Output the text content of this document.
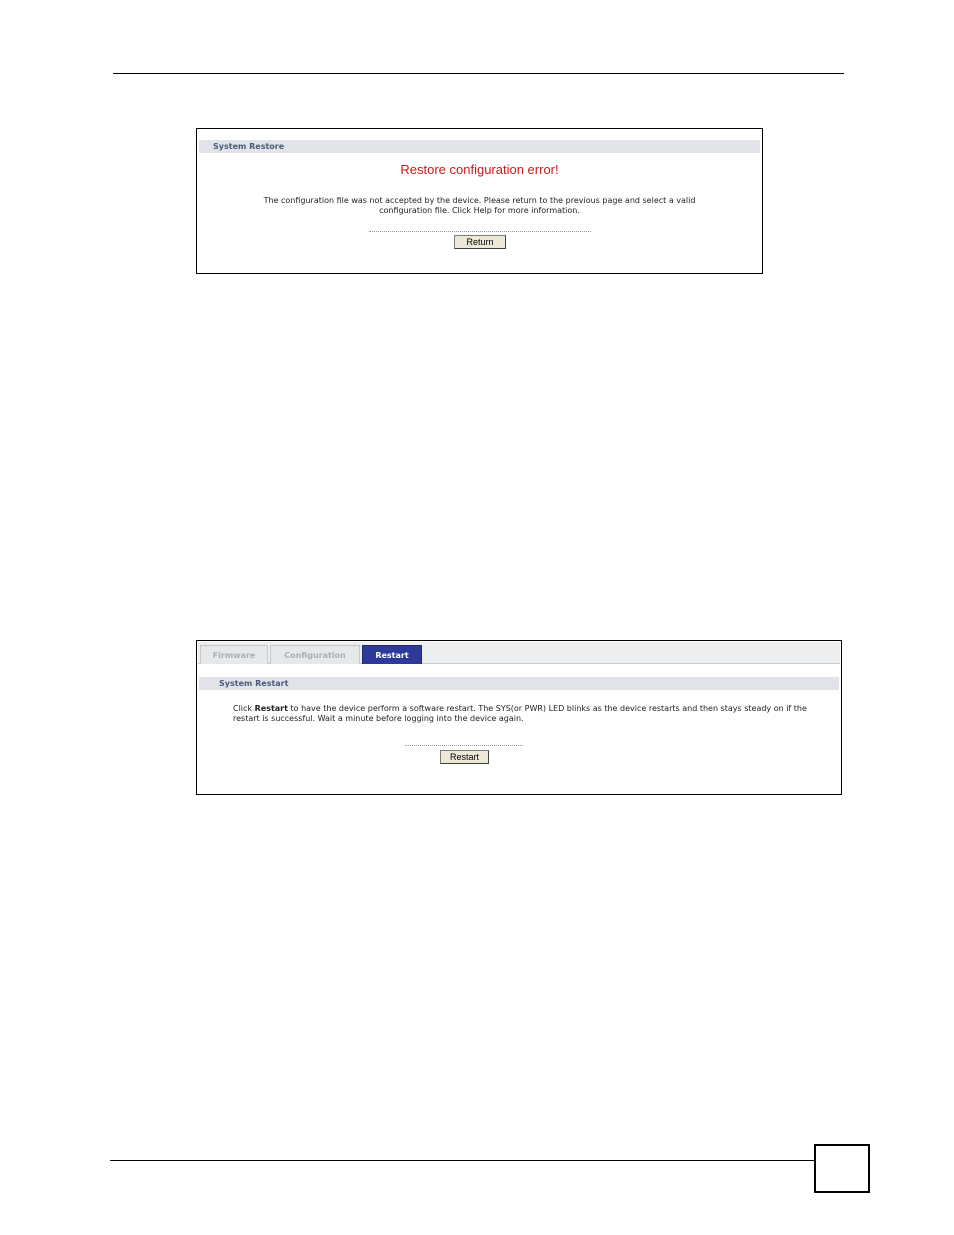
System Restore
Restore configuration error!
The configuration file was not accepted by the device. Please return to the previous page and select a valid
configuration file. Click Help for more information.
Return
Firmware	Configuration	Restart
System Restart
Click Restart to have the device perform a software restart. The SYS(or PWR) LED blinks as the device restarts and then stays steady on if the restart is successful. Wait a minute before logging into the device again.
Restart
